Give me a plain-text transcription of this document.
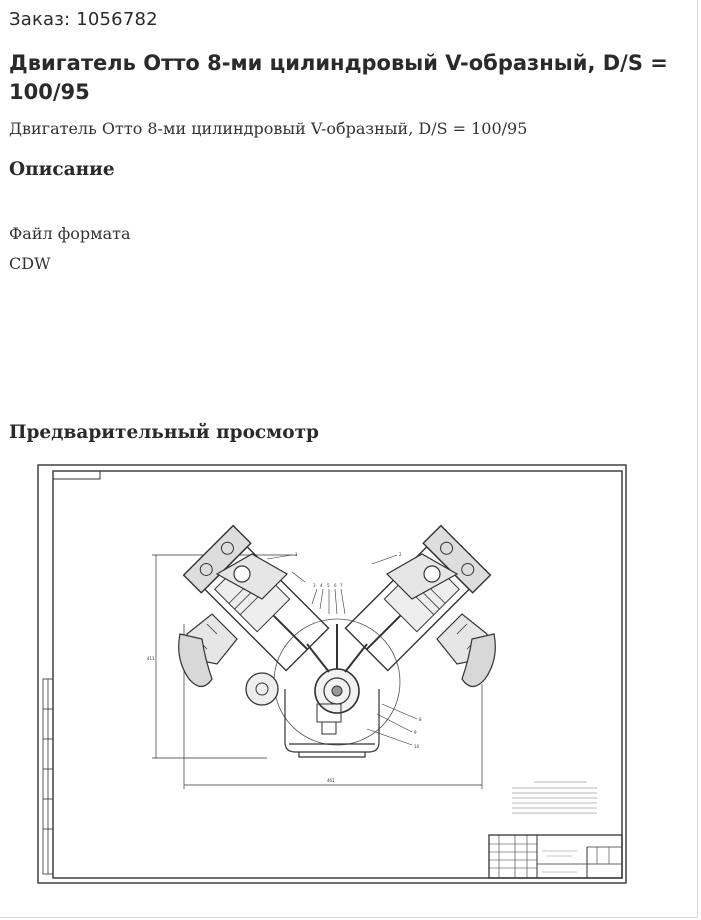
Заказ: 1056782
Двигатель Отто 8-ми цилиндровый V-образный, D/S = 100/95
Двигатель Отто 8-ми цилиндровый V-образный, D/S = 100/95
Описание
Файл формата
CDW
Предварительный просмотр
411
461
1	2
3 4 5 6 7
8
9
10
